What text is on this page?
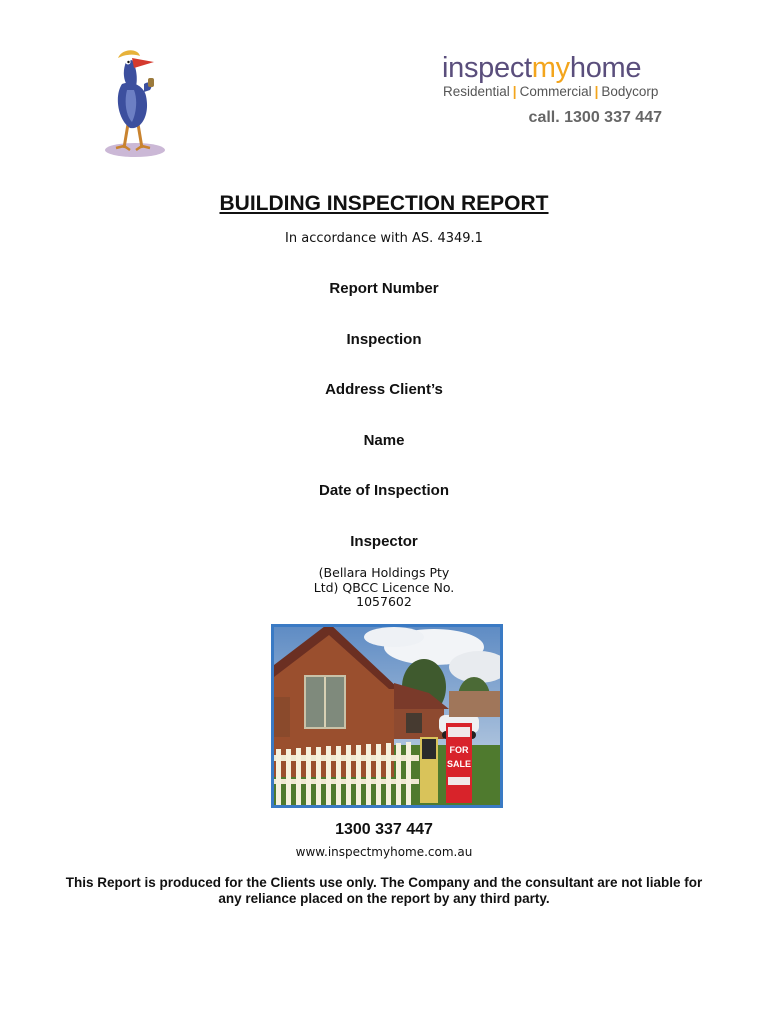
inspectmyhome
Residential | Commercial | Bodycorp
call. 1300 337 447
BUILDING INSPECTION REPORT
In accordance with AS. 4349.1
Report Number
Inspection
Address Client’s
Name
Date of Inspection
Inspector
(Bellara Holdings Pty
Ltd) QBCC Licence No.
1057602
FOR
SALE
1300 337 447
www.inspectmyhome.com.au
This Report is produced for the Clients use only. The Company and the consultant are not liable for
any reliance placed on the report by any third party.
